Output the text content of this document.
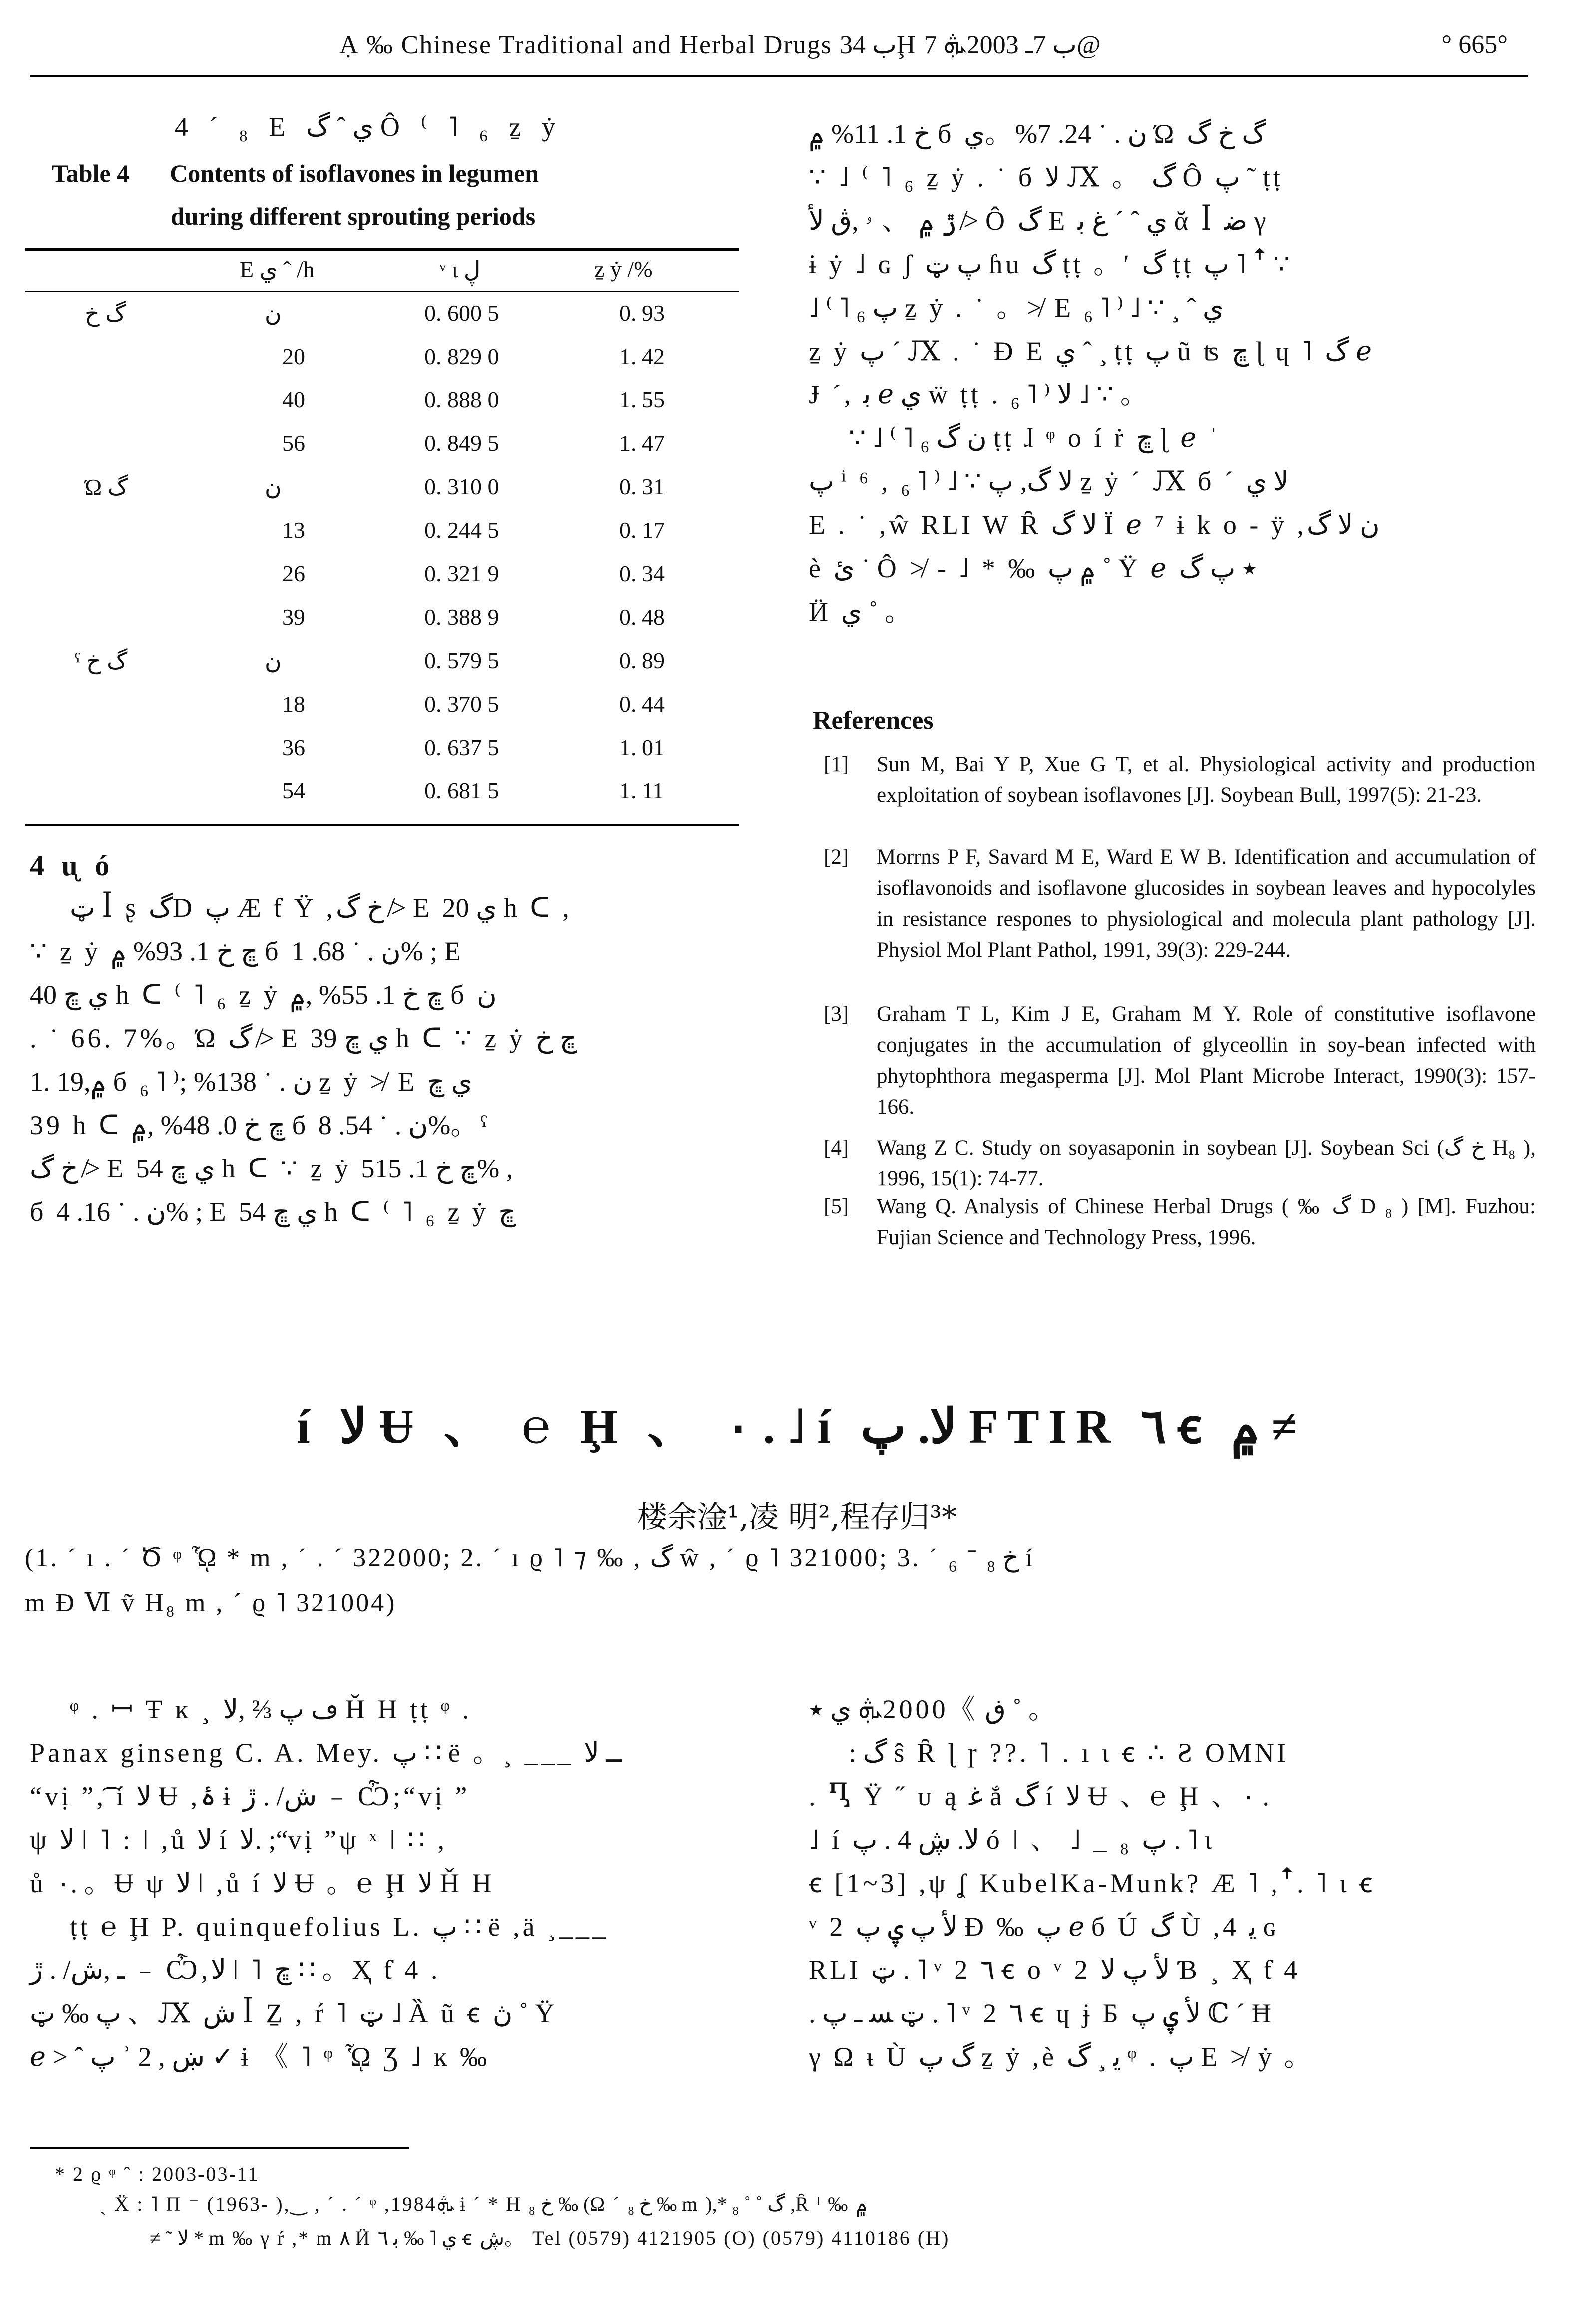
Ạ ‰ Chinese Traditional and Herbal Drugs ب 34Ḩ ب 7ـ 2003ܞ 7@	° 665°
4 ´ ₈ E ي ˆ گ Ô ⁽ ˥ ₆ ẕ ẏ
Table 4 Contents of isoflavones in legumen
during different sprouting periods
E ي ˆ /h	ᵛ ι ڸ	ẕ ẏ /%
گ خ	ن	0. 600 5	0. 93
20	0. 829 0	1. 42
40	0. 888 0	1. 55
56	0. 849 5	1. 47
Ώ گ	ن	0. 310 0	0. 31
13	0. 244 5	0. 17
26	0. 321 9	0. 34
39	0. 388 9	0. 48
ˁ گ خ	ن	0. 579 5	0. 89
18	0. 370 5	0. 44
36	0. 637 5	1. 01
54	0. 681 5	1. 11
4 ᶙ ó
ټ ꟾ ʂ گD پ Æ ƭ Ÿ ,خ گ ≯ E ي 20 h ᑕ ,
∵ ẕ ẏ ڇ خ 1. 93% ۾ б ن . ˙ 68. 1% ; E
ي ڇ 40 h ᑕ ⁽ ˥ ₆ ẕ ẏ ڇ خ 1. 55% ,۾ б ن
. ˙ 66. 7%。Ώ گ ≯ E ي ڇ 39 h ᑕ ∵ ẕ ẏ ڇ خ
1. 19,۾ б ن . ˙ 138% ;⁽ ˥ ₆ ẕ ẏ ≯ E ي ڇ
39 h ᑕ ڇ خ 0. 48% ,۾ б ن . ˙ 54. 8%。ˁ
خ گ ≯ E ي ڇ 54 h ᑕ ∵ ẕ ẏ ڇ خ 1. 515% ,
б ن . ˙ 16. 4% ; E ي ڇ 54 h ᑕ ⁽ ˥ ₆ ẕ ẏ ڇ
خ 1. 11% ۾ б ن . ˙ 24. 7%。ي Ώ گ خ گ
∵ ˩ ⁽ ˥ ₆ ẕ ẏ . ˙ б ﻻ Ԕ 。 گ Ô پ ˜ ṭṭ
ڙ ۾ 、 ۥ ,ڨ ﻷ ≯ Ô گ E ي ˆ ´ غ ﺑ ᾰ ꟾ ﺿ γ
ɨ ẏ ˩ ɢ ʃ پ ټ ɦu گ ṭṭ 。ʹ گ ṭṭ پ ˥ ꜛ ∵
˩ ⁽ ˥ ₆ پ ẕ ẏ . ˙ 。≯ E ي ˆ ¸ ∵ ˩ ⁽ ˥ ₆
ẕ ẏ پ ´ Ԕ . ˙ Ɖ E ي ˆ ¸ ṭṭ پ ũ ʦ ڇ ɭ ɥ ˥ گ ℯ
Ɉ ´, ﺑ ℯ ي ẅ ṭṭ . ﻻ ⁽ ˥ ₆ ˩ ∵ 。
∵ ˩ ⁽ ˥ ₆ ن گ ṭṭ ɺ ᵠ ο í ṙ ڇ ɭ ℯ ˈ
پ ⁱ ⁶ , ﻻ گ, پ ∵ ˩ ⁽ ˥ ₆ ẕ ẏ ´ Ԕ б ´ ﻻ ي
E . ˙ ,ŵ RLI W Ȓ ﻻ گ Ï ℯ ⁷ ɨ k ο - ÿ ,ن ﻻ گ
è ئ ˙ Ô ≯ - ˩ * ‰ ۾ پ ˚ Ÿ ℯ ٭ پ گ
Ӥ ي ˚ 。
References
[1] Sun M, Bai Y P, Xue G T, et al. Physiological activity and production exploitation of soybean isoflavones [J]. Soybean Bull, 1997(5): 21-23.
[2] Morrns P F, Savard M E, Ward E W B. Identification and accumulation of isoflavonoids and isoflavone glucosides in soybean leaves and hypocolyles in resistance respones to physiological and molecula plant pathology [J]. Physiol Mol Plant Pathol, 1991, 39(3): 229-244.
[3] Graham T L, Kim J E, Graham M Y. Role of constitutive isoflavone conjugates in the accumulation of glyceollin in soy-bean infected with phytophthora megasperma [J]. Mol Plant Microbe Interact, 1990(3): 157-166.
[4] Wang Z C. Study on soyasaponin in soybean [J]. Soybean Sci (خ گ H₈ ), 1996, 15(1): 74-77.
[5] Wang Q. Analysis of Chinese Herbal Drugs ( ‰ گ D ₈ ) [M]. Fuzhou: Fujian Science and Technology Press, 1996.
í ﻻ Ʉ 、 ℮ Ḩ 、 ٠ . ˩ í ﻻ. پ FTIR ٦ ꞓ ۾ ≠
楼余淦¹,凌 明²,程存归³*
(1. ´ ı . ´ Ծ ᵠ ᾯ * m , ´ . ´ 322000; 2. ´ ı ϱ ˥ ⁊ ‰ , گ ŵ , ´ ϱ ˥ 321000; 3. ´ ₆ ˉ خ ₈ í
m Ɖ Ⅵ ṽ H₈ m , ´ ϱ ˥ 321004)
ᵠ . ꟷ Ŧ ĸ ¸ ڡ پ ⅔ ,ﻻ Ȟ H ṭṭ ᵠ .
Panax ginseng C. A. Mey. پ ∷ ë 。¸ ___ ــ ﻻ
“vị ”,͡ í ﻻ Ʉ ,ۂ ɨ ش/ . ڙ ﹣ Ѽ;“vị ”
ψ ﻻ ǀ ˥ : ǀ ,ů ﻻ í ﻻ. ;“vị ”ψ ˣ ǀ ∷ ,
ů ٠. 。Ʉ ψ ﻻ ǀ ,ů í ﻻ Ʉ 。℮ Ḩ ﻻ Ȟ H
ṭṭ ℮ Ḩ P. quinquefolius L. پ ∷ ë ,ä ¸___
ـ ,ش/ . ڙ ﹣ Ѽ,ﻻ ǀ ˥ ڇ ∷ 。Ҳ ƭ 4 .
پ ‰ ټ 、Ԕ ش ꟾ Ẕ , ŕ ˥ ټ ˩ Ȁ ũ ꞓ ڽ ˚ Ÿ
ℯ > ˆ پ ʾ ښ , 2 ✓ ɨ 《 ˥ ᵠ ᾯ Ʒ ˩ ĸ ‰
ڧ 》2000ܞ ي ٭ ˚ 。
: گ ŝ Ȓ ɭ ɼ ??. ˥ . ı ι ꞓ ∴ Ƨ OMNI
. Ⴂ Ÿ ˝ ᴜ ą ﻏ ắ گ í ﻻ Ʉ 、℮ Ḩ 、٠ .
˩ í ﻻ. ڜ 4 . پ ó ǀ 、 ˩ _ ₈ پ . ˥ ι
ꞓ [1~3] ,ψ ʆ KubelKa-Munk? Æ ˥ ,ꜛ. ˥ ι ꞓ
ᵛ 2 ﻷ پ ۑ پ Ɖ ‰ پ ℯ б Ú گ Ù ,4 ﻳ ɢ
RLI ټ . ˥ ᵛ 2 ٦ ꞓ ο ᵛ 2 ﻷ پ ﻻ Ɓ ¸ Ҳ ƭ 4
. ټ ﺴ ـ پ . ˥ ᵛ 2 ٦ ꞓ ɥ ɉ Б ﻷ ۑ پ ℂ ´ Ħ
γ Ω ᵼ Ù گ پ ẕ ẏ ,è ﻳ ¸ گ ᵠ . پ E ≯ ẏ 。
* 2 ϱ ᵠ ˆ : 2003-03-11
ˏ Ẍ : ˥ Π ⁻ (1963- ),‿ , ´ . ´ ᵠ ,1984ܞ ɨ ´ * H خ ₈ ‰ (Ω ´ خ ₈ ‰ m ),* ₈ ˚ ˚ گ ,Ȓ ˡ ‰ ۾
≠ ˜ ﻻ * m ‰ γ ŕ ,* m ٨ Ӥ ي ˥ ‰ ﺑ ٦ ꞓ ڜ。 Tel (0579) 4121905 (O) (0579) 4110186 (H)
